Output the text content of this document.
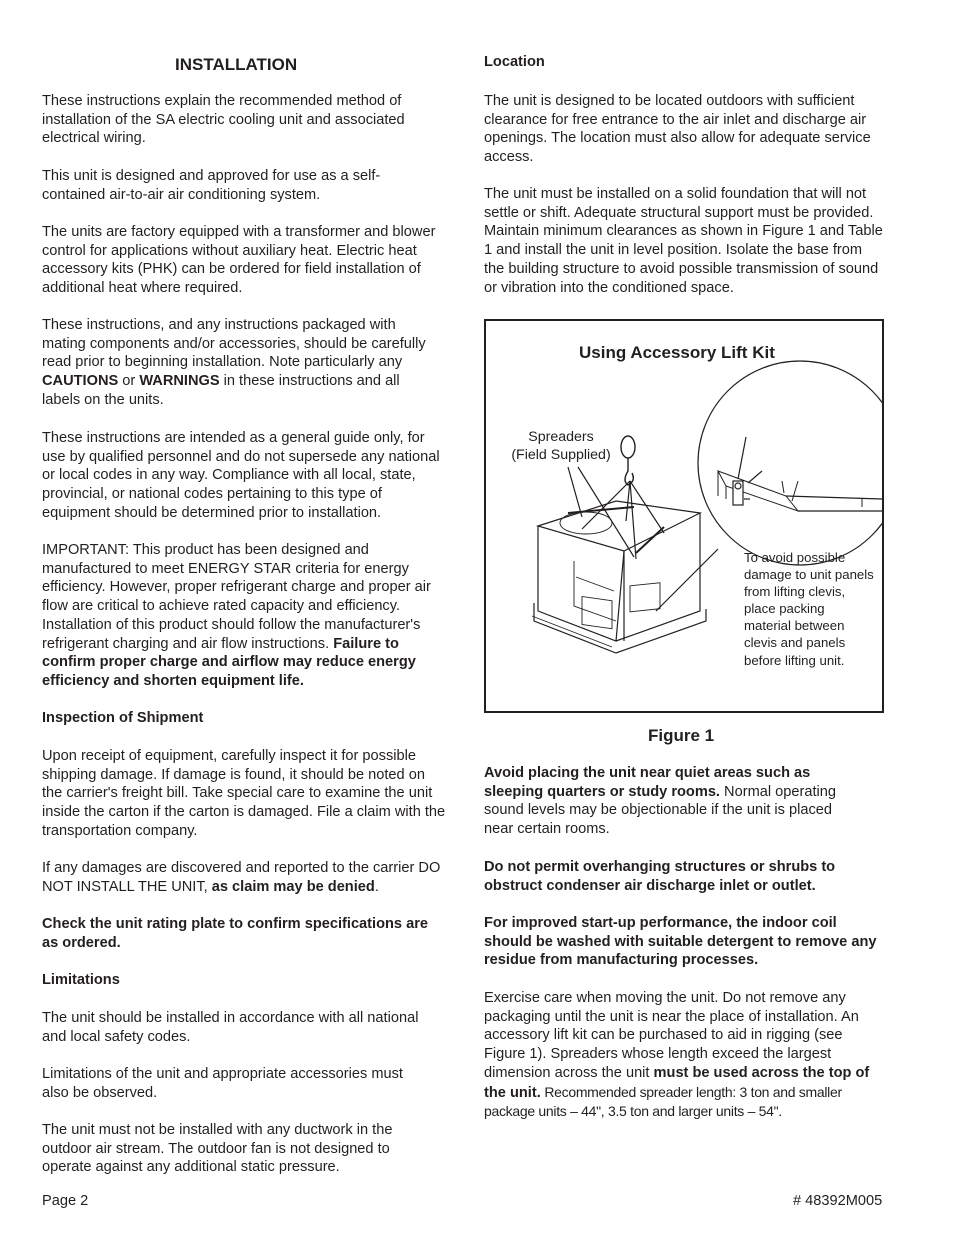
INSTALLATION

These instructions explain the recommended method of installation of the SA electric cooling unit and associated electrical wiring.

This unit is designed and approved for use as a self-contained air-to-air air conditioning system.

The units are factory equipped with a transformer and blower control for applications without auxiliary heat. Electric heat accessory kits (PHK) can be ordered for field installation of additional heat where required.

These instructions, and any instructions packaged with mating components and/or accessories, should be carefully read prior to beginning installation. Note particularly any CAUTIONS or WARNINGS in these instructions and all labels on the units.

These instructions are intended as a general guide only, for use by qualified personnel and do not supersede any national or local codes in any way. Compliance with all local, state, provincial, or national codes pertaining to this type of equipment should be determined prior to installation.

IMPORTANT: This product has been designed and manufactured to meet ENERGY STAR criteria for energy efficiency. However, proper refrigerant charge and proper air flow are critical to achieve rated capacity and efficiency. Installation of this product should follow the manufacturer's refrigerant charging and air flow instructions. Failure to confirm proper charge and airflow may reduce energy efficiency and shorten equipment life.

Inspection of Shipment

Upon receipt of equipment, carefully inspect it for possible shipping damage. If damage is found, it should be noted on the carrier's freight bill. Take special care to examine the unit inside the carton if the carton is damaged. File a claim with the transportation company.

If any damages are discovered and reported to the carrier DO NOT INSTALL THE UNIT, as claim may be denied.

Check the unit rating plate to confirm specifications are as ordered.

Limitations

The unit should be installed in accordance with all national and local safety codes.

Limitations of the unit and appropriate accessories must also be observed.

The unit must not be installed with any ductwork in the outdoor air stream. The outdoor fan is not designed to operate against any additional static pressure.

Location

The unit is designed to be located outdoors with sufficient clearance for free entrance to the air inlet and discharge air openings. The location must also allow for adequate service access.

The unit must be installed on a solid foundation that will not settle or shift. Adequate structural support must be provided. Maintain minimum clearances as shown in Figure 1 and Table 1 and install the unit in level position. Isolate the base from the building structure to avoid possible transmission of sound or vibration into the conditioned space.

Avoid placing the unit near quiet areas such as sleeping quarters or study rooms. Normal operating sound levels may be objectionable if the unit is placed near certain rooms.

Do not permit overhanging structures or shrubs to obstruct condenser air discharge inlet or outlet.

For improved start-up performance, the indoor coil should be washed with suitable detergent to remove any residue from manufacturing processes.

Exercise care when moving the unit. Do not remove any packaging until the unit is near the place of installation. An accessory lift kit can be purchased to aid in rigging (see Figure 1). Spreaders whose length exceed the largest dimension across the unit must be used across the top of the unit. Recommended spreader length: 3 ton and smaller package units – 44", 3.5 ton and larger units – 54".

Using Accessory Lift Kit
Spreaders
(Field Supplied)
To avoid possible damage to unit panels from lifting clevis, place packing material between clevis and panels before lifting unit.
Figure 1
Page 2	# 48392M005
